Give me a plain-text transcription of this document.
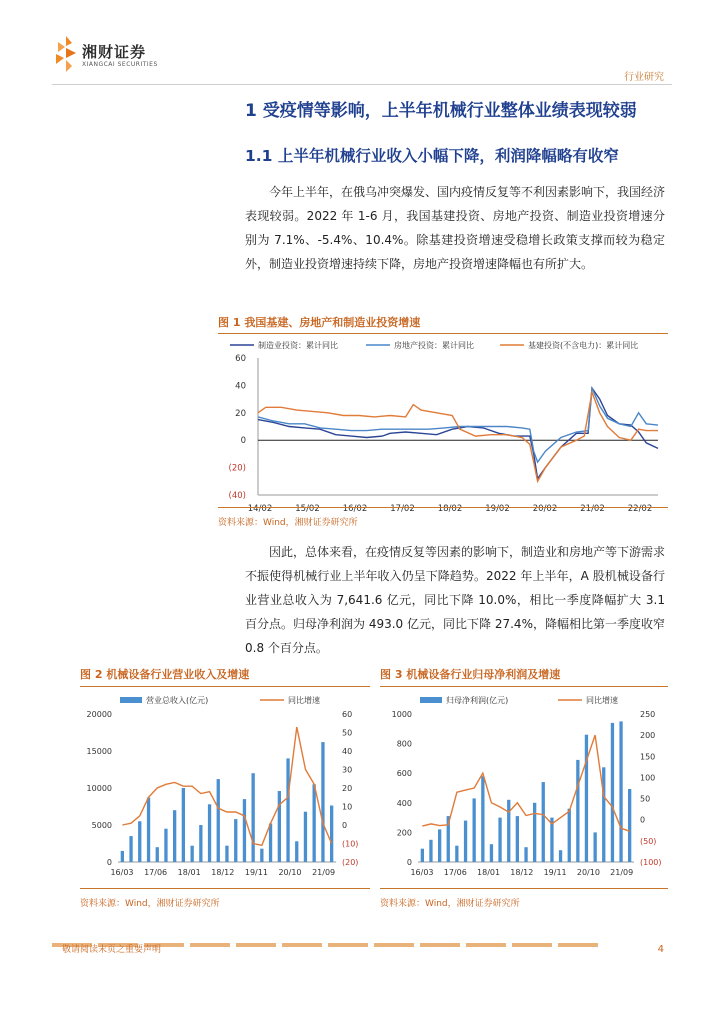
湘财证券
XIANGCAI SECURITIES
行业研究
1 受疫情等影响，上半年机械行业整体业绩表现较弱
1.1 上半年机械行业收入小幅下降，利润降幅略有收窄
今年上半年，在俄乌冲突爆发、国内疫情反复等不利因素影响下，我国经济表现较弱。2022 年 1-6 月，我国基建投资、房地产投资、制造业投资增速分别为 7.1%、-5.4%、10.4%。除基建投资增速受稳增长政策支撑而较为稳定外，制造业投资增速持续下降，房地产投资增速降幅也有所扩大。
图 1 我国基建、房地产和制造业投资增速
60
40
20
0
(20)
(40)
14/02	15/02	16/02	17/02	18/02	19/02	20/02	21/02	22/02
制造业投资：累计同比	房地产投资：累计同比	基建投资(不含电力)：累计同比
资料来源：Wind，湘财证券研究所
因此，总体来看，在疫情反复等因素的影响下，制造业和房地产等下游需求不振使得机械行业上半年收入仍呈下降趋势。2022 年上半年，A 股机械设备行业营业总收入为 7,641.6 亿元，同比下降 10.0%，相比一季度降幅扩大 3.1 百分点。归母净利润为 493.0 亿元，同比下降 27.4%，降幅相比第一季度收窄 0.8 个百分点。
图 2 机械设备行业营业收入及增速
营业总收入(亿元)	同比增速
0
5000
10000
15000
20000
(20)
(10)
0
10
20
30
40
50
60
16/03 17/06 18/01 18/12 19/11 20/10 21/09
资料来源：Wind，湘财证券研究所
图 3 机械设备行业归母净利润及增速
归母净利润(亿元)	同比增速
0
200
400
600
800
1000
(100)
(50)
0
50
100
150
200
250
16/03 17/06 18/01 18/12 19/11 20/10 21/09
资料来源：Wind，湘财证券研究所
敬请阅读末页之重要声明	4
